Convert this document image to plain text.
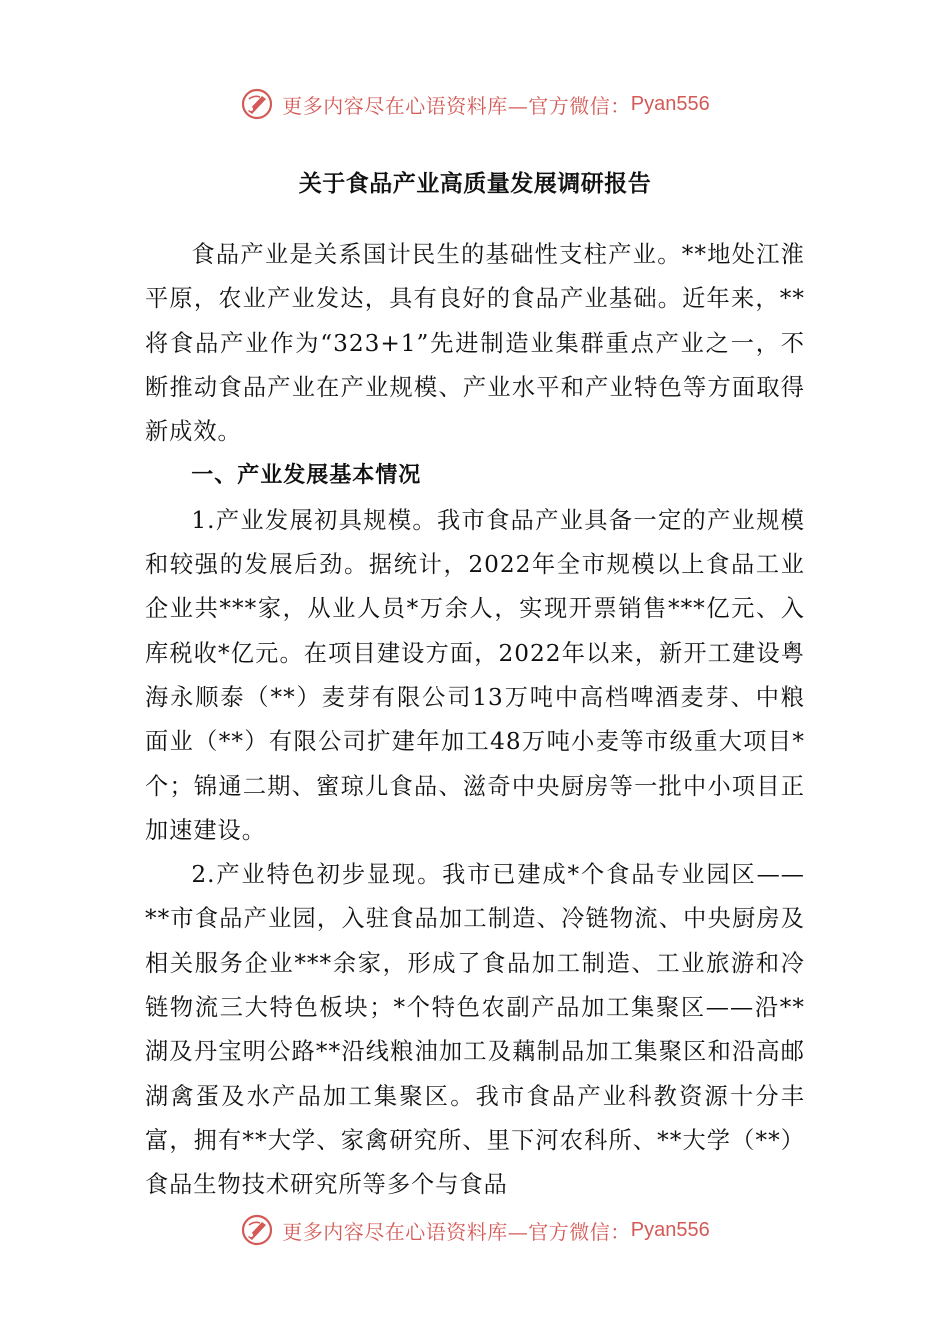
更多内容尽在心语资料库—官方微信： Pyan556
关于食品产业高质量发展调研报告

食品产业是关系国计民生的基础性支柱产业。**地处江淮平原，农业产业发达，具有良好的食品产业基础。近年来，**将食品产业作为“323+1”先进制造业集群重点产业之一，不断推动食品产业在产业规模、产业水平和产业特色等方面取得新成效。

一、产业发展基本情况

1.产业发展初具规模。我市食品产业具备一定的产业规模和较强的发展后劲。据统计，2022年全市规模以上食品工业企业共***家，从业人员*万余人，实现开票销售***亿元、入库税收*亿元。在项目建设方面，2022年以来，新开工建设粤海永顺泰（**）麦芽有限公司13万吨中高档啤酒麦芽、中粮面业（**）有限公司扩建年加工48万吨小麦等市级重大项目*个；锦通二期、蜜琼儿食品、滋奇中央厨房等一批中小项目正加速建设。

2.产业特色初步显现。我市已建成*个食品专业园区——**市食品产业园，入驻食品加工制造、冷链物流、中央厨房及相关服务企业***余家，形成了食品加工制造、工业旅游和冷链物流三大特色板块；*个特色农副产品加工集聚区——沿**湖及丹宝明公路**沿线粮油加工及藕制品加工集聚区和沿高邮湖禽蛋及水产品加工集聚区。我市食品产业科教资源十分丰富，拥有**大学、家禽研究所、里下河农科所、**大学（**）食品生物技术研究所等多个与食品

更多内容尽在心语资料库—官方微信： Pyan556
